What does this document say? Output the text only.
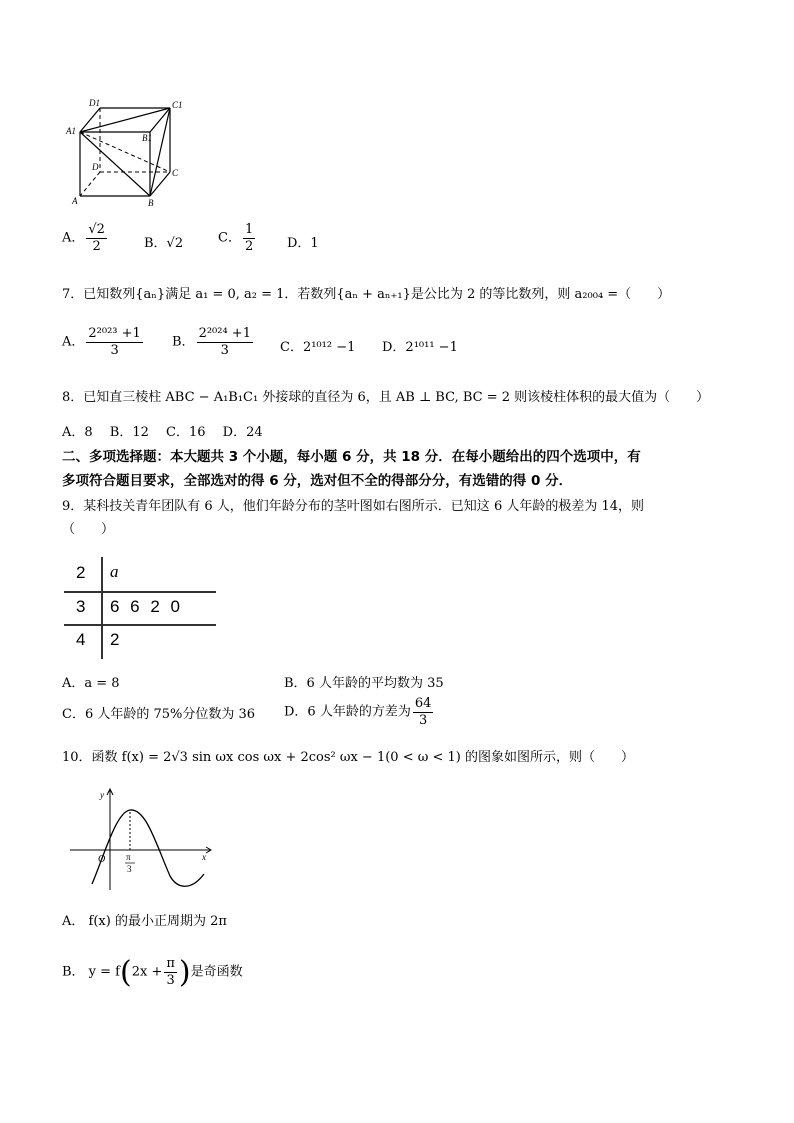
D1	C1
A1
B1
D
C
A	B
A． $\frac{√2}{2}$	B．√2	C． $\frac{1}{2}$ D．1
7．已知数列{aₙ}满足 a₁ = 0, a₂ = 1．若数列{aₙ + aₙ₊₁}是公比为 2 的等比数列，则 a₂₀₀₄ =（　　）
A． $\frac{\text{2²⁰²³ +1}}{3}$ B． $\frac{\text{2²⁰²⁴ +1}}{3}$ C．2¹⁰¹² −1 D．2¹⁰¹¹ −1
8．已知直三棱柱 ABC − A₁B₁C₁ 外接球的直径为 6，且 AB ⊥ BC, BC = 2 则该棱柱体积的最大值为（　　）
A．8　 B．12　 C．16　 D．24
二、多项选择题：本大题共 3 个小题，每小题 6 分，共 18 分．在每小题给出的四个选项中，有
多项符合题目要求，全部选对的得 6 分，选对但不全的得部分分，有选错的得 0 分．
9．某科技关青年团队有 6 人，他们年龄分布的茎叶图如右图所示．已知这 6 人年龄的极差为 14，则
（　　）
2 a
3 6 6 2 0
4 2
A．a = 8	B．6 人年龄的平均数为 35
C．6 人年龄的 75%分位数为 36 D．6 人年龄的方差为 $\frac{64}{3}$
10．函数 f(x) = 2√3 sin ωx cos ωx + 2cos² ωx − 1(0 < ω < 1) 的图象如图所示，则（　　）
y
x
O π
3
A． f(x) 的最小正周期为 2π
B． $y = f(2x + \frac{\pi}{3}$ )是奇函数
